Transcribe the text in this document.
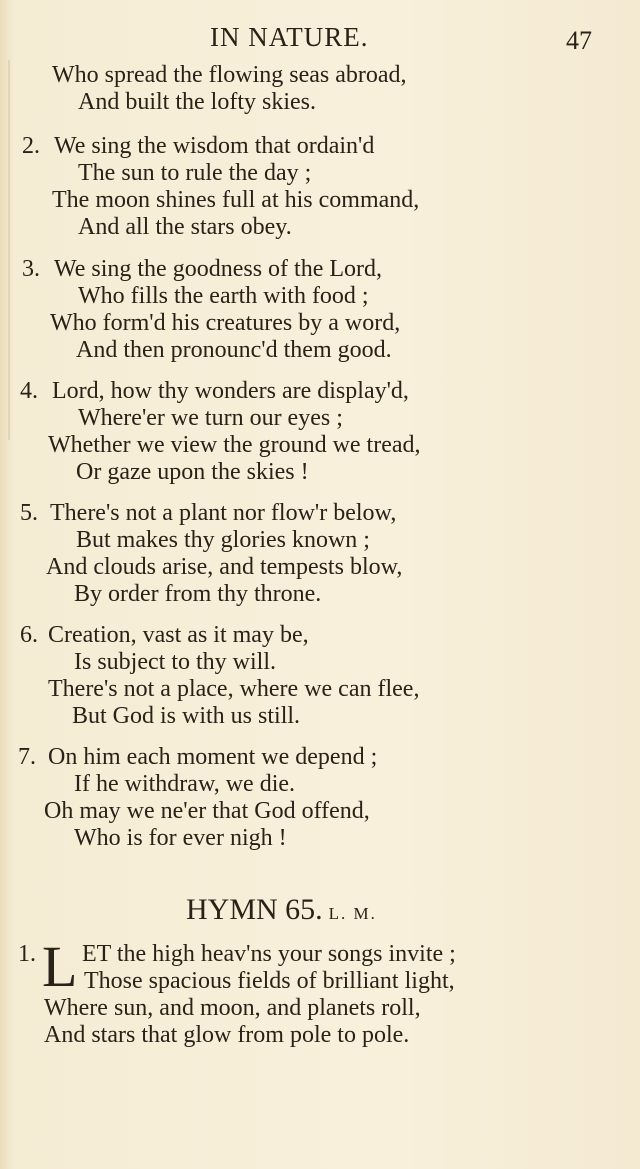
IN NATURE.	47
Who spread the flowing seas abroad,
And built the lofty skies.
2. We sing the wisdom that ordain'd
The sun to rule the day ;
The moon shines full at his command,
And all the stars obey.
3. We sing the goodness of the Lord,
Who fills the earth with food ;
Who form'd his creatures by a word,
And then pronounc'd them good.
4. Lord, how thy wonders are display'd,
Where'er we turn our eyes ;
Whether we view the ground we tread,
Or gaze upon the skies !
5. There's not a plant nor flow'r below,
But makes thy glories known ;
And clouds arise, and tempests blow,
By order from thy throne.
6. Creation, vast as it may be,
Is subject to thy will.
There's not a place, where we can flee,
But God is with us still.
7. On him each moment we depend ;
If he withdraw, we die.
Oh may we ne'er that God offend,
Who is for ever nigh !
HYMN 65. L. M.
1. L ET the high heav'ns your songs invite ;
Those spacious fields of brilliant light,
Where sun, and moon, and planets roll,
And stars that glow from pole to pole.
